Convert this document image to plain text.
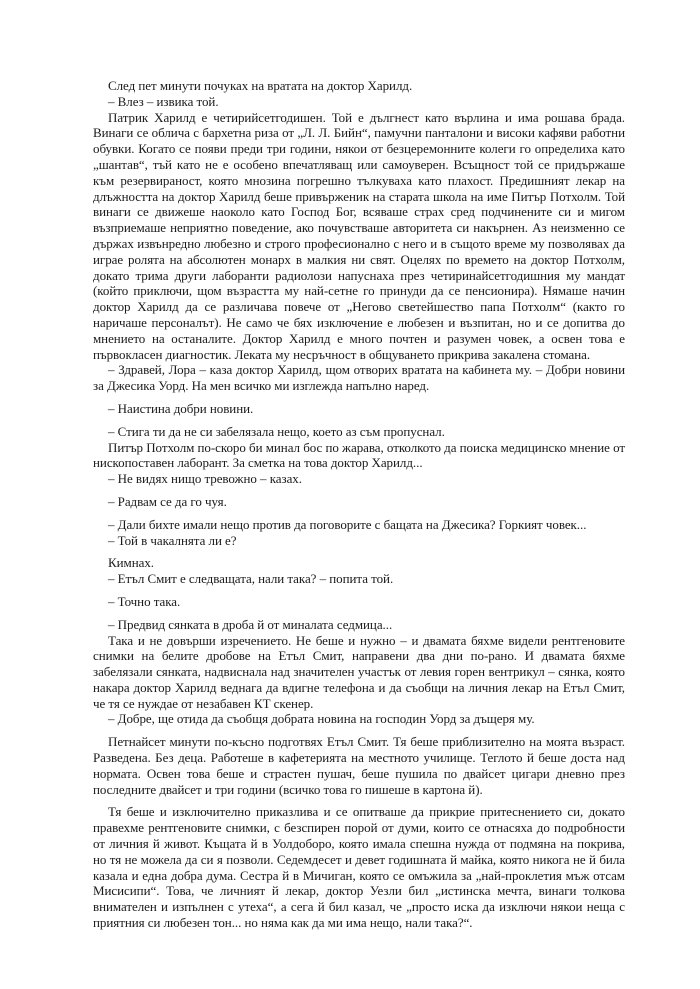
След пет минути почуках на вратата на доктор Харилд.

– Влез – извика той.

Патрик Харилд е четирийсетгодишен. Той е дългнест като върлина и има рошава брада. Винаги се облича с бархетна риза от „Л. Л. Бийн“, памучни панталони и високи кафяви работни обувки. Когато се появи преди три години, някои от безцеремонните колеги го определиха като „шантав“, тъй като не е особено впечатляващ или самоуверен. Всъщност той се придържаше към резервираност, която мнозина погрешно тълкуваха като плахост. Предишният лекар на длъжността на доктор Харилд беше привърженик на старата школа на име Питър Потхолм. Той винаги се движеше наоколо като Господ Бог, всяваше страх сред подчинените си и мигом възприемаше неприятно поведение, ако почувстваше авторитета си накърнен. Аз неизменно се държах извънредно любезно и строго професионално с него и в същото време му позволявах да играе ролята на абсолютен монарх в малкия ни свят. Оцелях по времето на доктор Потхолм, докато трима други лаборанти радиолози напуснаха през четиринайсетгодишния му мандат (който приключи, щом възрастта му най-сетне го принуди да се пенсионира). Нямаше начин доктор Харилд да се различава повече от „Негово светейшество папа Потхолм“ (както го наричаше персоналът). Не само че бях изключение е любезен и възпитан, но и се допитва до мнението на останалите. Доктор Харилд е много почтен и разумен човек, а освен това е първокласен диагностик. Леката му несръчност в общуването прикрива закалена стомана.

– Здравей, Лора – каза доктор Харилд, щом отворих вратата на кабинета му. – Добри новини за Джесика Уорд. На мен всичко ми изглежда напълно наред.

– Наистина добри новини.

– Стига ти да не си забелязала нещо, което аз съм пропуснал.

Питър Потхолм по-скоро би минал бос по жарава, отколкото да поиска медицинско мнение от нископоставен лаборант. За сметка на това доктор Харилд...

– Не видях нищо тревожно – казах.

– Радвам се да го чуя.

– Дали бихте имали нещо против да поговорите с бащата на Джесика? Горкият човек...

– Той в чакалнята ли е?

Кимнах.

– Етъл Смит е следващата, нали така? – попита той.

– Точно така.

– Предвид сянката в дроба й от миналата седмица...

Така и не довърши изречението. Не беше и нужно – и двамата бяхме видели рентгеновите снимки на белите дробове на Етъл Смит, направени два дни по-рано. И двамата бяхме забелязали сянката, надвиснала над значителен участък от левия горен вентрикул – сянка, която накара доктор Харилд веднага да вдигне телефона и да съобщи на личния лекар на Етъл Смит, че тя се нуждае от незабавен КТ скенер.

– Добре, ще отида да съобщя добрата новина на господин Уорд за дъщеря му.

Петнайсет минути по-късно подготвях Етъл Смит. Тя беше приблизително на моята възраст. Разведена. Без деца. Работеше в кафетерията на местното училище. Теглото й беше доста над нормата. Освен това беше и страстен пушач, беше пушила по двайсет цигари дневно през последните двайсет и три години (всичко това го пишеше в картона й).

Тя беше и изключително приказлива и се опитваше да прикрие притеснението си, докато правехме рентгеновите снимки, с безспирен порой от думи, които се отнасяха до подробности от личния й живот. Къщата й в Уолдоборо, която имала спешна нужда от подмяна на покрива, но тя не можела да си я позволи. Седемдесет и девет годишната й майка, която никога не й била казала и една добра дума. Сестра й в Мичиган, която се омъжила за „най-проклетия мъж отсам Мисисипи“. Това, че личният й лекар, доктор Уезли бил „истинска мечта, винаги толкова внимателен и изпълнен с утеха“, а сега й бил казал, че „просто иска да изключи някои неща с приятния си любезен тон... но няма как да ми има нещо, нали така?“.
